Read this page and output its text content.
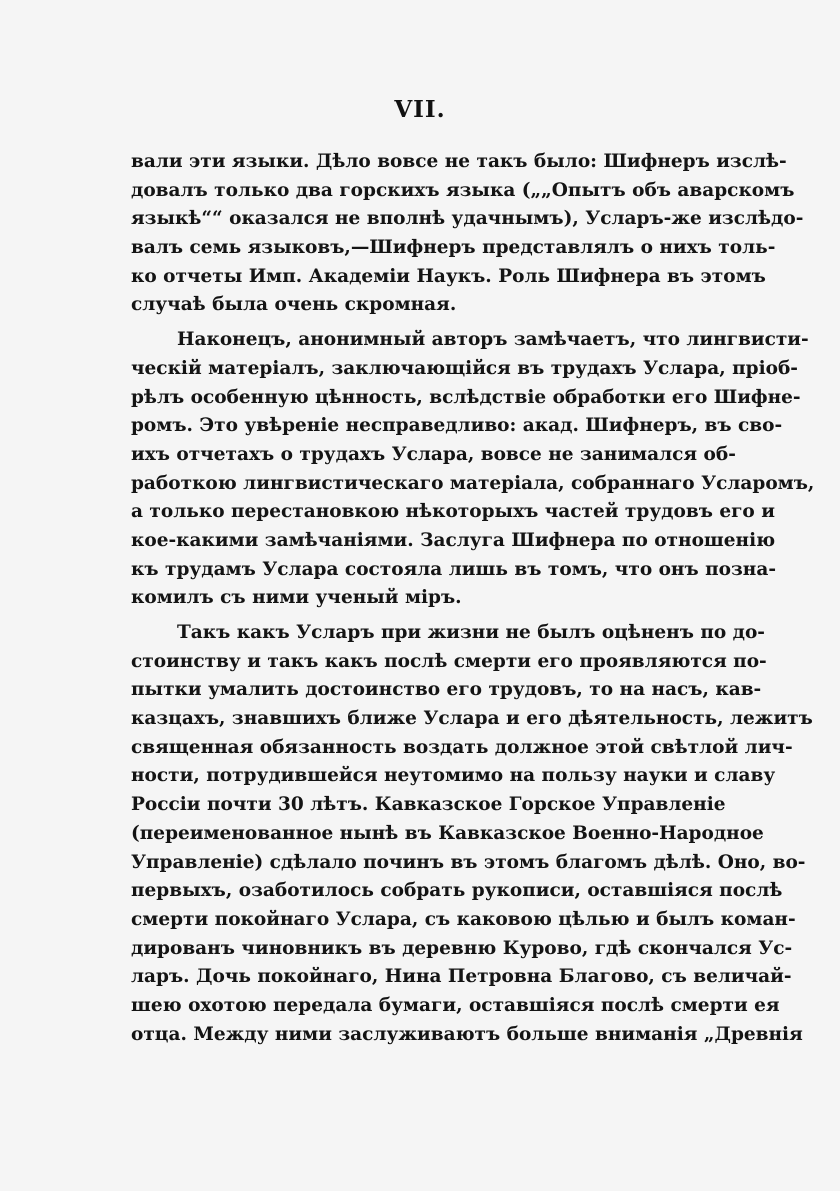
VII.
вали эти языки. Дѣло вовсе не такъ было: Шифнеръ изслѣ-
довалъ только два горскихъ языка („„Опытъ объ аварскомъ
языкѣ““ оказался не вполнѣ удачнымъ), Усларъ-же изслѣдо-
валъ семь языковъ,—Шифнеръ представлялъ о нихъ толь-
ко отчеты Имп. Академіи Наукъ. Роль Шифнера въ этомъ
случаѣ была очень скромная.
Наконецъ, анонимный авторъ замѣчаетъ, что лингвисти-
ческій матеріалъ, заключающійся въ трудахъ Услара, пріоб-
рѣлъ особенную цѣнность, вслѣдствіе обработки его Шифне-
ромъ. Это увѣреніе несправедливо: акад. Шифнеръ, въ сво-
ихъ отчетахъ о трудахъ Услара, вовсе не занимался об-
работкою лингвистическаго матеріала, собраннаго Усларомъ,
а только перестановкою нѣкоторыхъ частей трудовъ его и
кое-какими замѣчаніями. Заслуга Шифнера по отношенію
къ трудамъ Услара состояла лишь въ томъ, что онъ позна-
комилъ съ ними ученый міръ.
Такъ какъ Усларъ при жизни не былъ оцѣненъ по до-
стоинству и такъ какъ послѣ смерти его проявляются по-
пытки умалить достоинство его трудовъ, то на насъ, кав-
казцахъ, знавшихъ ближе Услара и его дѣятельность, лежитъ
священная обязанность воздать должное этой свѣтлой лич-
ности, потрудившейся неутомимо на пользу науки и славу
Россіи почти 30 лѣтъ. Кавказское Горское Управленіе
(переименованное нынѣ въ Кавказское Военно-Народное
Управленіе) сдѣлало починъ въ этомъ благомъ дѣлѣ. Оно, во-
первыхъ, озаботилось собрать рукописи, оставшіяся послѣ
смерти покойнаго Услара, съ каковою цѣлью и былъ коман-
дированъ чиновникъ въ деревню Курово, гдѣ скончался Ус-
ларъ. Дочь покойнаго, Нина Петровна Благово, съ величай-
шею охотою передала бумаги, оставшіяся послѣ смерти ея
отца. Между ними заслуживаютъ больше вниманія „Древнія
